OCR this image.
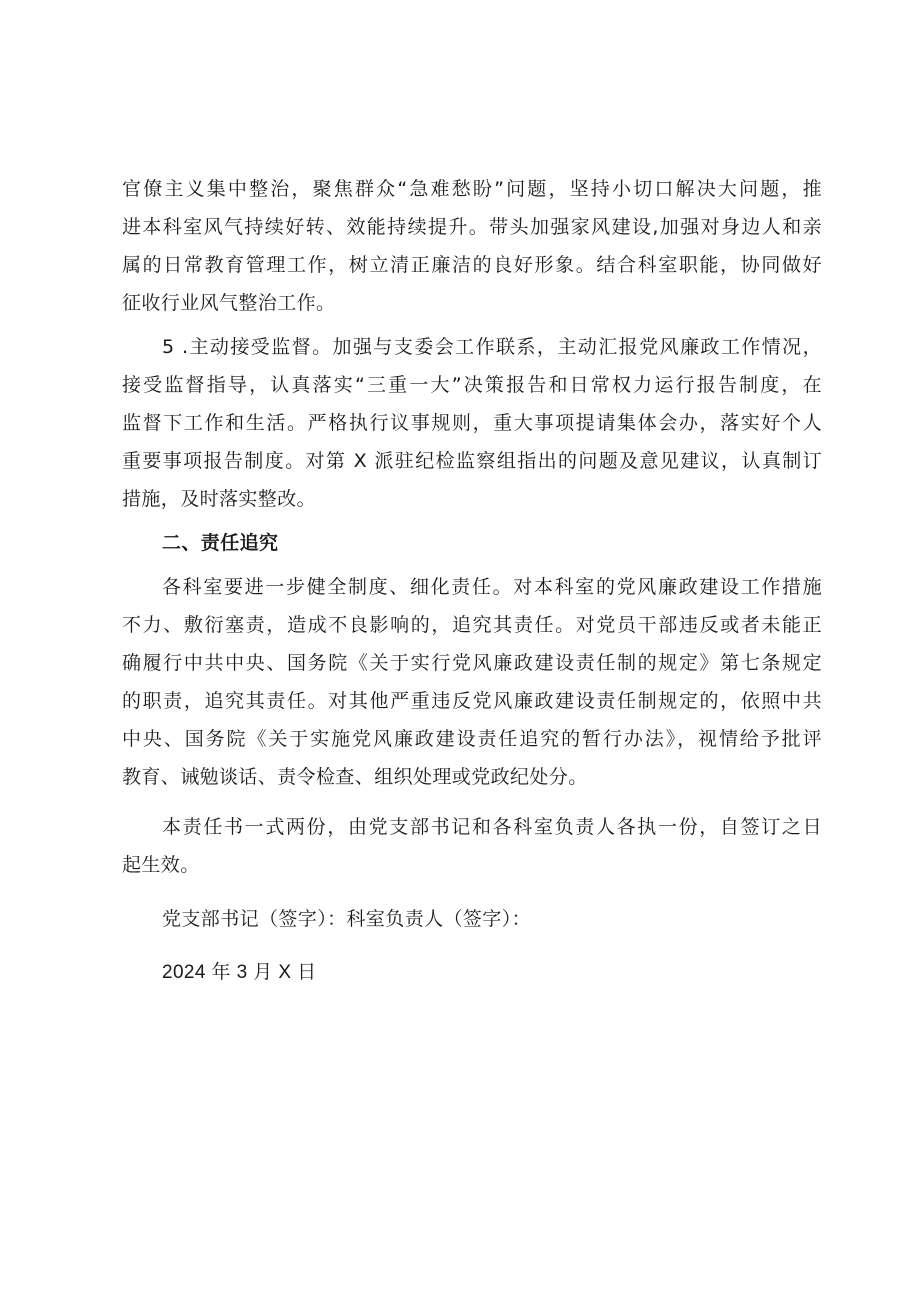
官僚主义集中整治，聚焦群众“急难愁盼”问题，坚持小切口解决大问题，推

进本科室风气持续好转、效能持续提升。带头加强家风建设,加强对身边人和亲

属的日常教育管理工作，树立清正廉洁的良好形象。结合科室职能，协同做好

征收行业风气整治工作。

5 .主动接受监督。加强与支委会工作联系，主动汇报党风廉政工作情况，

接受监督指导，认真落实“三重一大”决策报告和日常权力运行报告制度，在

监督下工作和生活。严格执行议事规则，重大事项提请集体会办，落实好个人

重要事项报告制度。对第 X 派驻纪检监察组指出的问题及意见建议，认真制订

措施，及时落实整改。

二、责任追究

各科室要进一步健全制度、细化责任。对本科室的党风廉政建设工作措施

不力、敷衍塞责，造成不良影响的，追究其责任。对党员干部违反或者未能正

确履行中共中央、国务院《关于实行党风廉政建设责任制的规定》第七条规定

的职责，追究其责任。对其他严重违反党风廉政建设责任制规定的，依照中共

中央、国务院《关于实施党风廉政建设责任追究的暂行办法》，视情给予批评

教育、诫勉谈话、责令检查、组织处理或党政纪处分。

本责任书一式两份，由党支部书记和各科室负责人各执一份，自签订之日

起生效。

党支部书记（签字）：科室负责人（签字）：

2024 年 3 月 X 日
